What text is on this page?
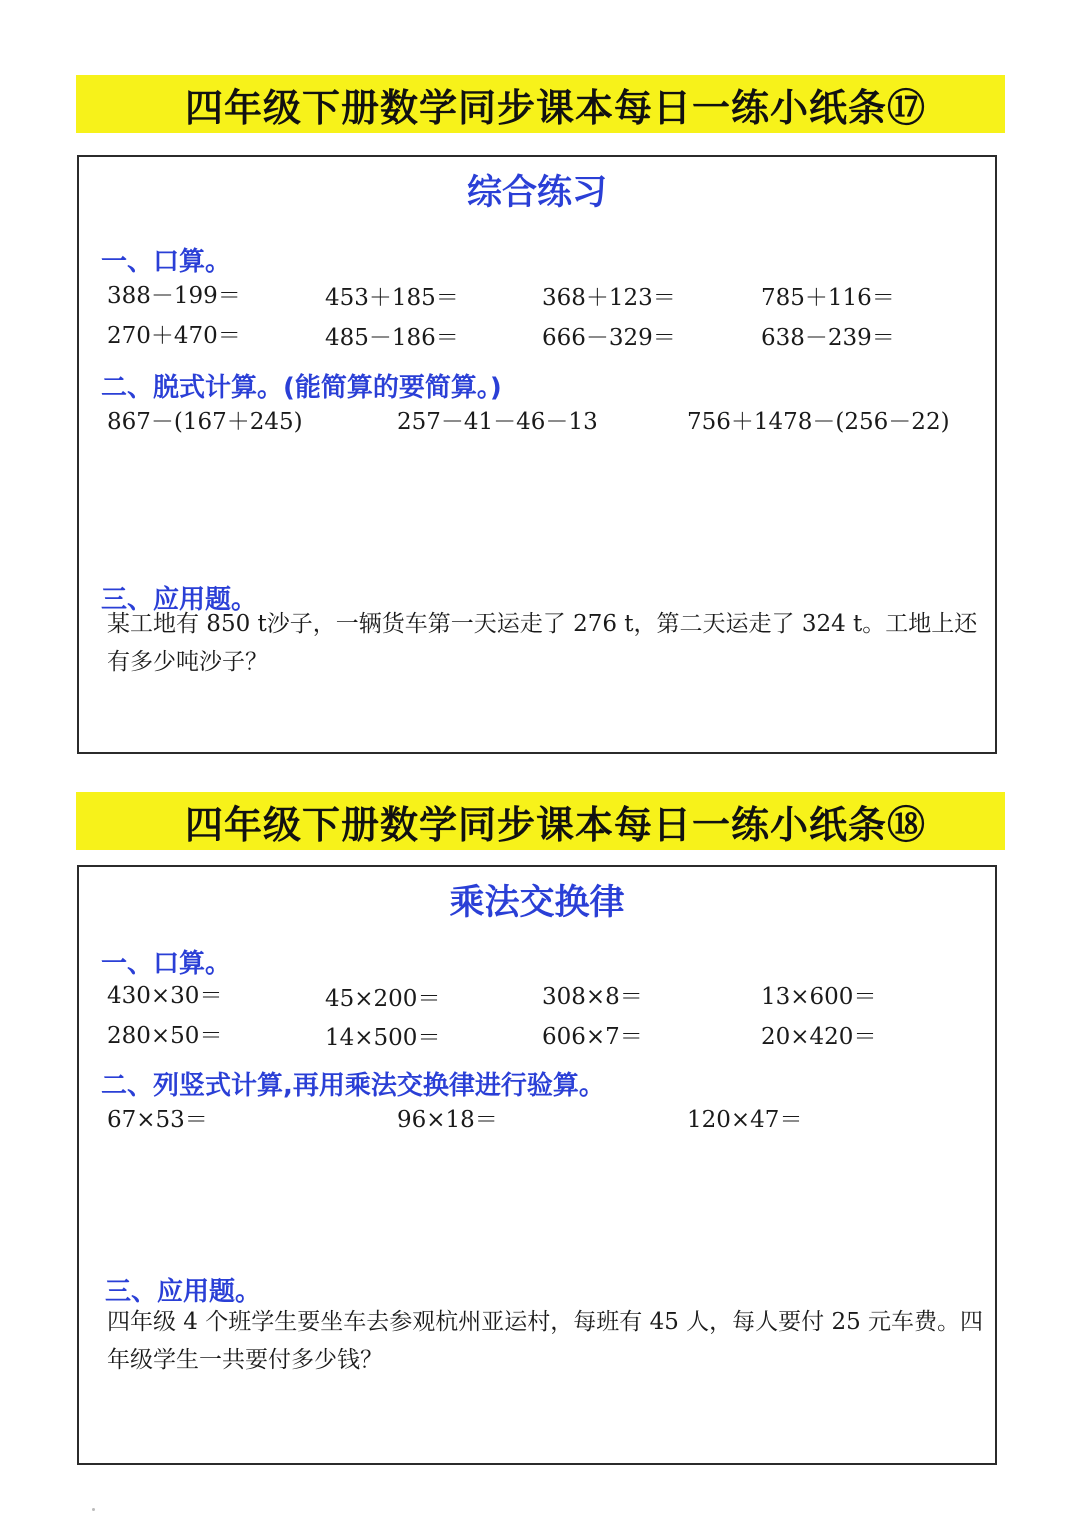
四年级下册数学同步课本每日一练小纸条⑰
综合练习
一、口算。
388－199＝	453＋185＝	368＋123＝	785＋116＝
270＋470＝	485－186＝	666－329＝	638－239＝
二、脱式计算。(能简算的要简算。)
867－(167＋245)	257－41－46－13	756＋1478－(256－22)
三、应用题。
某工地有 850 t沙子，一辆货车第一天运走了 276 t，第二天运走了 324 t。工地上还有多少吨沙子？
四年级下册数学同步课本每日一练小纸条⑱
乘法交换律
一、口算。
430×30＝	45×200＝	308×8＝	13×600＝
280×50＝	14×500＝	606×7＝	20×420＝
二、列竖式计算,再用乘法交换律进行验算。
67×53＝	96×18＝	120×47＝
三、应用题。
四年级 4 个班学生要坐车去参观杭州亚运村，每班有 45 人，每人要付 25 元车费。四年级学生一共要付多少钱？
